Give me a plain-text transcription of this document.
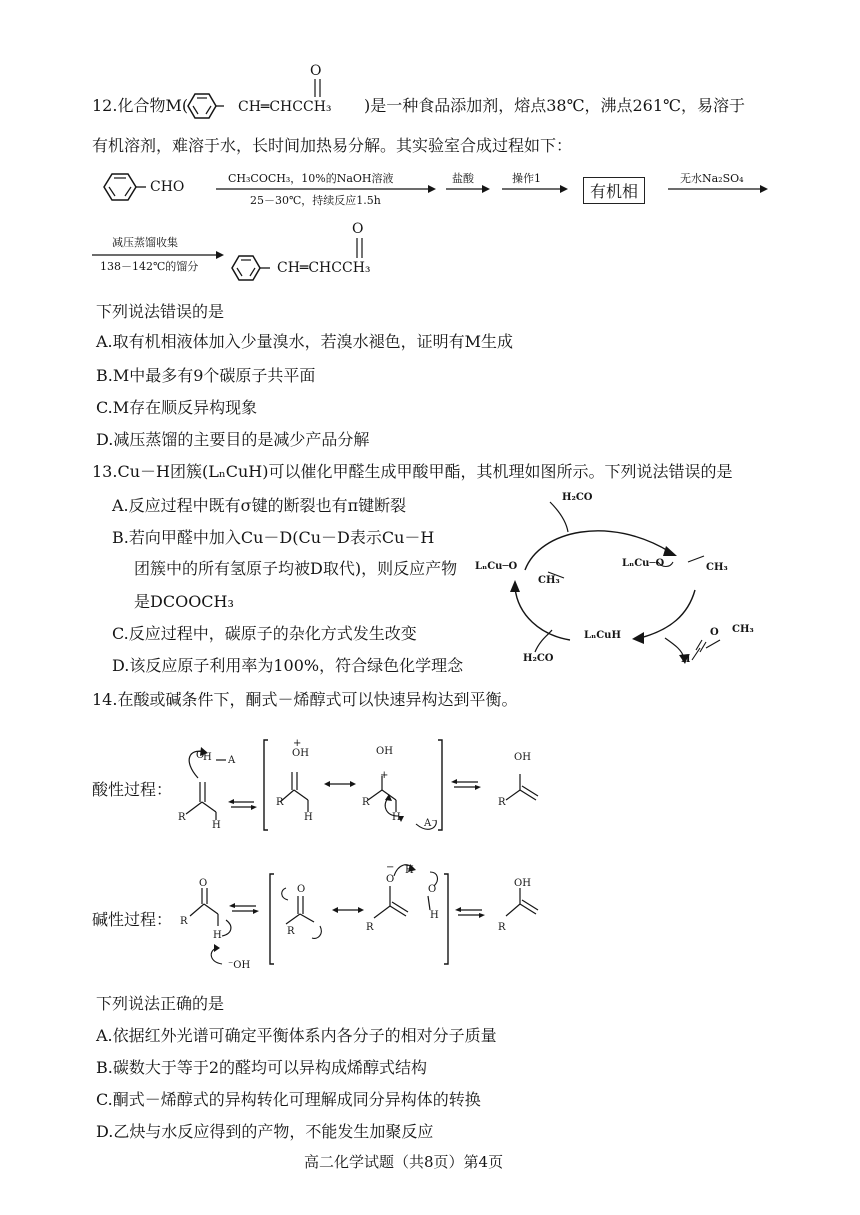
12.化合物M(	CH═CHCCH₃
O
)是一种食品添加剂，熔点38℃，沸点261℃，易溶于
有机溶剂，难溶于水，长时间加热易分解。其实验室合成过程如下：
CHO
CH₃COCH₃，10%的NaOH溶液
25－30℃，持续反应1.5h
盐酸	操作1
有机相
无水Na₂SO₄
减压蒸馏收集
138－142℃的馏分	CH═CHCCH₃
O
下列说法错误的是
A.取有机相液体加入少量溴水，若溴水褪色，证明有M生成
B.M中最多有9个碳原子共平面
C.M存在顺反异构现象
D.减压蒸馏的主要目的是减少产品分解
13.Cu－H团簇(LₙCuH)可以催化甲醛生成甲酸甲酯，其机理如图所示。下列说法错误的是
A.反应过程中既有σ键的断裂也有π键断裂
B.若向甲醛中加入Cu－D(Cu－D表示Cu－H
团簇中的所有氢原子均被D取代)，则反应产物
是DCOOCH₃
C.反应过程中，碳原子的杂化方式发生改变
D.该反应原子利用率为100%，符合绿色化学理念
H₂CO
LₙCu─O
CH₃
LₙCu─O	CH₃
LₙCuH
H₂CO	H
O CH₃
14.在酸或碱条件下，酮式－烯醇式可以快速异构达到平衡。
酸性过程：
O
H A
R
H
OH
+
R
H
OH
+
R
H
A⁻
OH
R
碱性过程：
O
R
H
⁻OH
O
R
−
O
R
H
O
H
OH
R
下列说法正确的是
A.依据红外光谱可确定平衡体系内各分子的相对分子质量
B.碳数大于等于2的醛均可以异构成烯醇式结构
C.酮式－烯醇式的异构转化可理解成同分异构体的转换
D.乙炔与水反应得到的产物，不能发生加聚反应
高二化学试题（共8页）第4页
